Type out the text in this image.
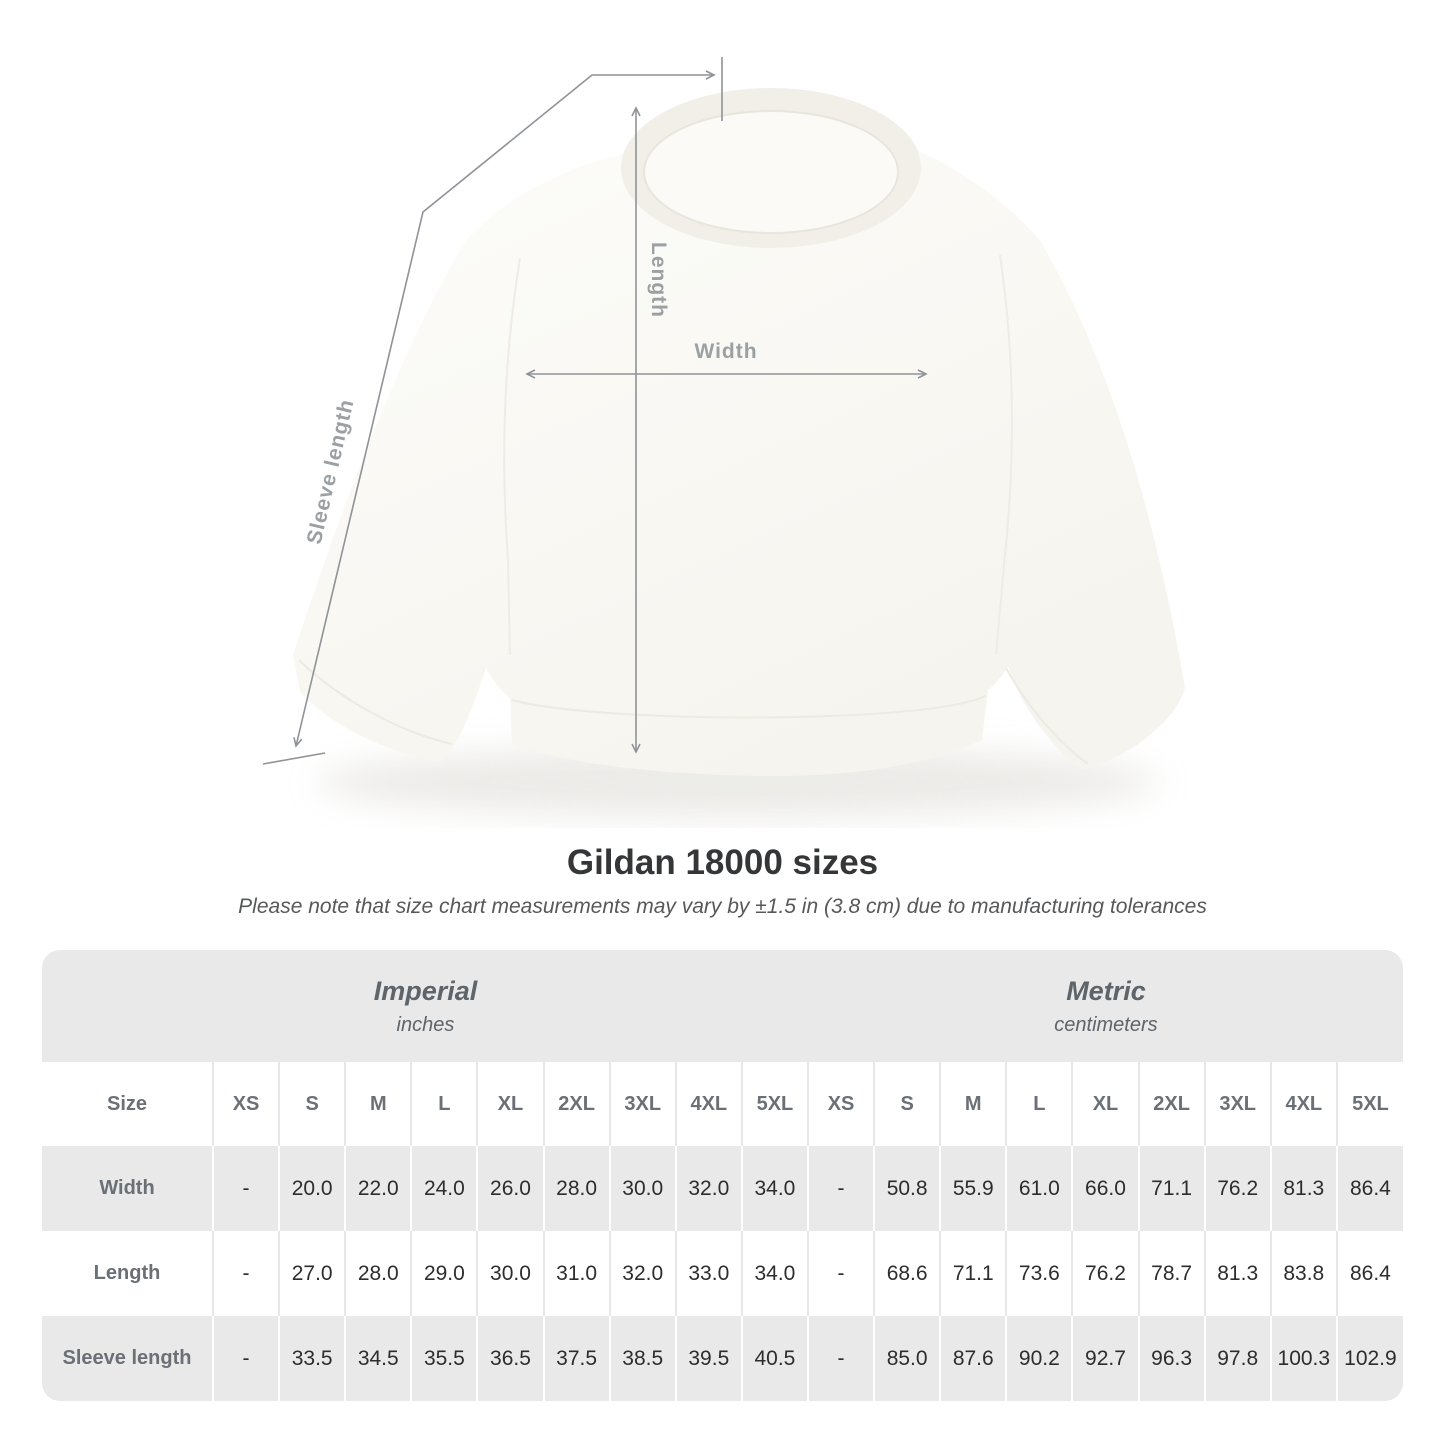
Width
Length
Sleeve length
Gildan 18000 sizes

Please note that size chart measurements may vary by ±1.5 in (3.8 cm) due to manufacturing tolerances

Imperial
inches
Metric
centimeters
Size	XS	S	M	L	XL	2XL	3XL	4XL	5XL	XS	S	M	L	XL	2XL	3XL	4XL	5XL
Width	-	20.0	22.0	24.0	26.0	28.0	30.0	32.0	34.0	-	50.8	55.9	61.0	66.0	71.1	76.2	81.3	86.4
Length	-	27.0	28.0	29.0	30.0	31.0	32.0	33.0	34.0	-	68.6	71.1	73.6	76.2	78.7	81.3	83.8	86.4
Sleeve length	-	33.5	34.5	35.5	36.5	37.5	38.5	39.5	40.5	-	85.0	87.6	90.2	92.7	96.3	97.8	100.3	102.9
